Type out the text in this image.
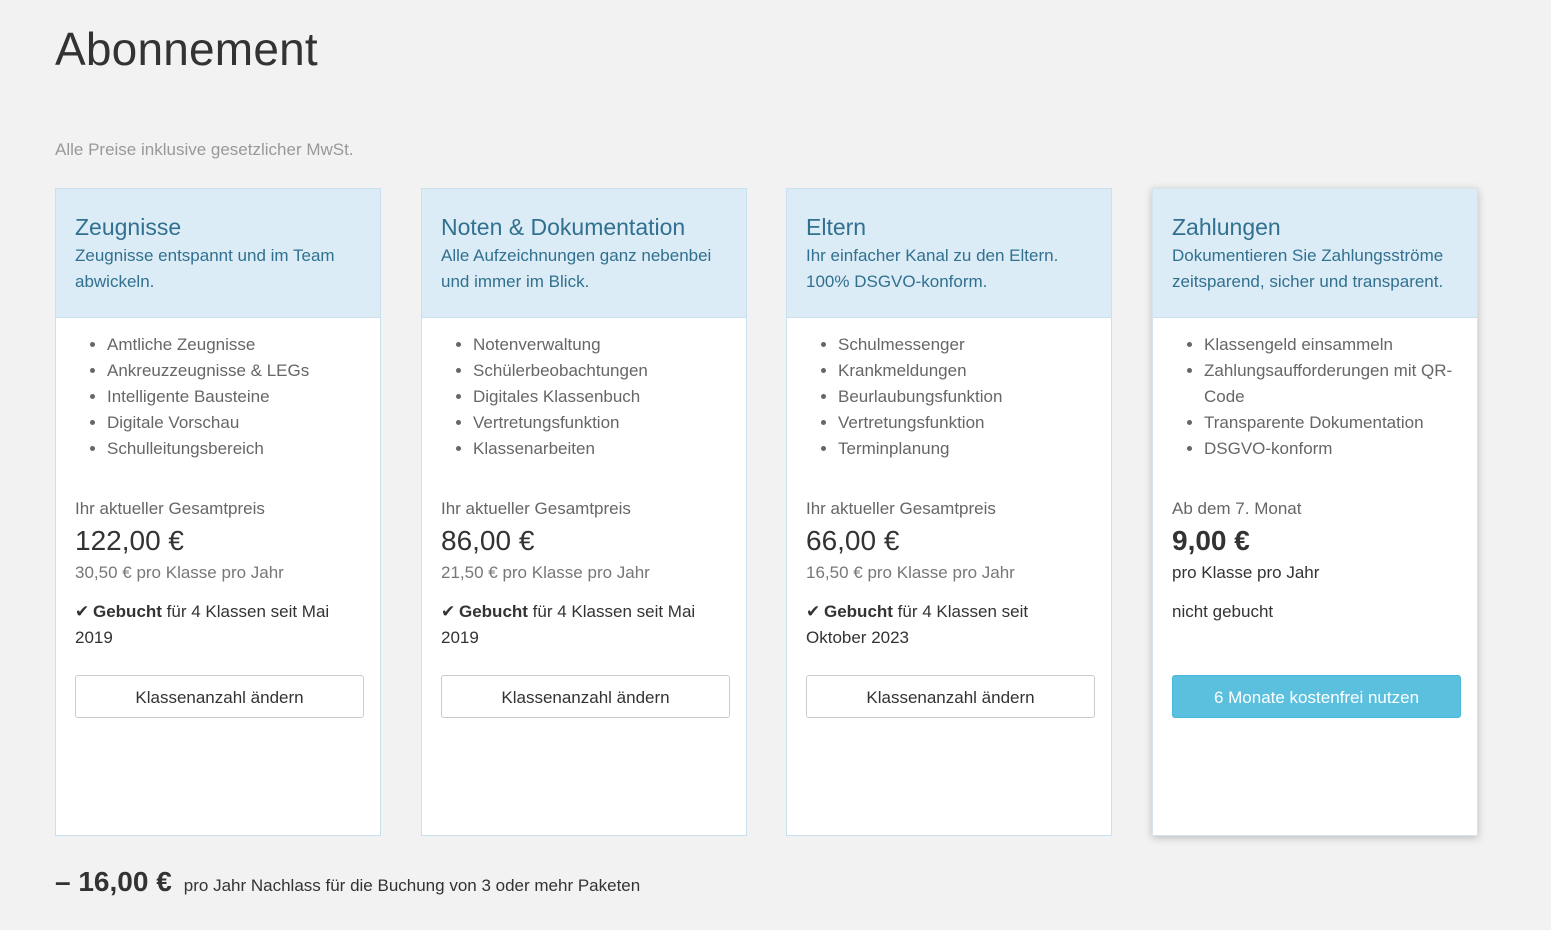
Abonnement
Alle Preise inklusive gesetzlicher MwSt.
Zeugnisse
Zeugnisse entspannt und im Team abwickeln.
• Amtliche Zeugnisse
• Ankreuzzeugnisse & LEGs
• Intelligente Bausteine
• Digitale Vorschau
• Schulleitungsbereich
Ihr aktueller Gesamtpreis
122,00 €
30,50 € pro Klasse pro Jahr
✔ Gebucht für 4 Klassen seit Mai 2019
Klassenanzahl ändern
Noten & Dokumentation
Alle Aufzeichnungen ganz nebenbei und immer im Blick.
• Notenverwaltung
• Schülerbeobachtungen
• Digitales Klassenbuch
• Vertretungsfunktion
• Klassenarbeiten
Ihr aktueller Gesamtpreis
86,00 €
21,50 € pro Klasse pro Jahr
✔ Gebucht für 4 Klassen seit Mai 2019
Klassenanzahl ändern
Eltern
Ihr einfacher Kanal zu den Eltern. 100% DSGVO-konform.
• Schulmessenger
• Krankmeldungen
• Beurlaubungsfunktion
• Vertretungsfunktion
• Terminplanung
Ihr aktueller Gesamtpreis
66,00 €
16,50 € pro Klasse pro Jahr
✔ Gebucht für 4 Klassen seit Oktober 2023
Klassenanzahl ändern
Zahlungen
Dokumentieren Sie Zahlungsströme zeitsparend, sicher und transparent.
• Klassengeld einsammeln
• Zahlungsaufforderungen mit QR-Code
• Transparente Dokumentation
• DSGVO-konform
Ab dem 7. Monat
9,00 €
pro Klasse pro Jahr
nicht gebucht
6 Monate kostenfrei nutzen
– 16,00 € pro Jahr Nachlass für die Buchung von 3 oder mehr Paketen
